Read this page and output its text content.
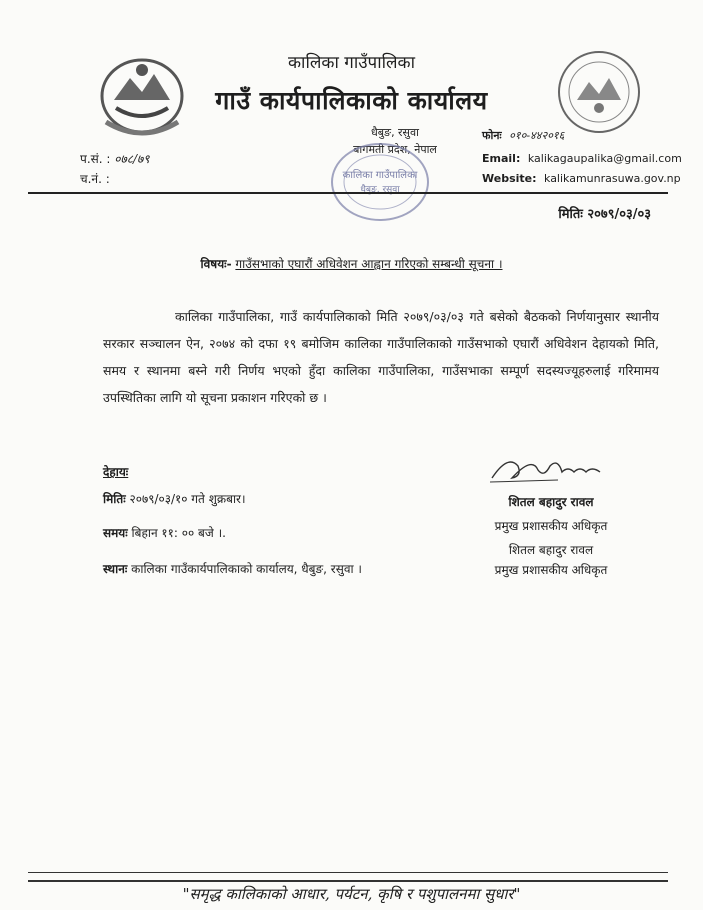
कालिका गाउँपालिका
गाउँ कार्यपालिकाको कार्यालय
धैबुङ, रसुवा
बागमती प्रदेश, नेपाल
फोनः ०१०-४४२०१६
Email: kalikagaupalika@gmail.com
Website: kalikamunrasuwa.gov.np
प.सं. : ०७८/७९
च.नं. :	कालिका गाउँपालिका
धैबुङ, रसुवा
मितिः २०७९/०३/०३
विषयः- गाउँसभाको एघारौं अधिवेशन आह्वान गरिएको सम्बन्धी सूचना ।
कालिका गाउँपालिका, गाउँ कार्यपालिकाको मिति २०७९/०३/०३ गते बसेको बैठकको निर्णयानुसार स्थानीय सरकार सञ्चालन ऐन, २०७४ को दफा १९ बमोजिम कालिका गाउँपालिकाको गाउँसभाको एघारौं अधिवेशन देहायको मिति, समय र स्थानमा बस्ने गरी निर्णय भएको हुँदा कालिका गाउँपालिका, गाउँसभाका सम्पूर्ण सदस्यज्यूहरुलाई गरिमामय उपस्थितिका लागि यो सूचना प्रकाशन गरिएको छ ।
देहायः
मितिः २०७९/०३/१० गते शुक्रबार।
समयः बिहान ११: ०० बजे ।.
स्थानः कालिका गाउँकार्यपालिकाको कार्यालय, धैबुङ, रसुवा ।
शितल बहादुर रावल
प्रमुख प्रशासकीय अधिकृत
शितल बहादुर रावल
प्रमुख प्रशासकीय अधिकृत
"समृद्ध कालिकाको आधार, पर्यटन, कृषि र पशुपालनमा सुधार"
